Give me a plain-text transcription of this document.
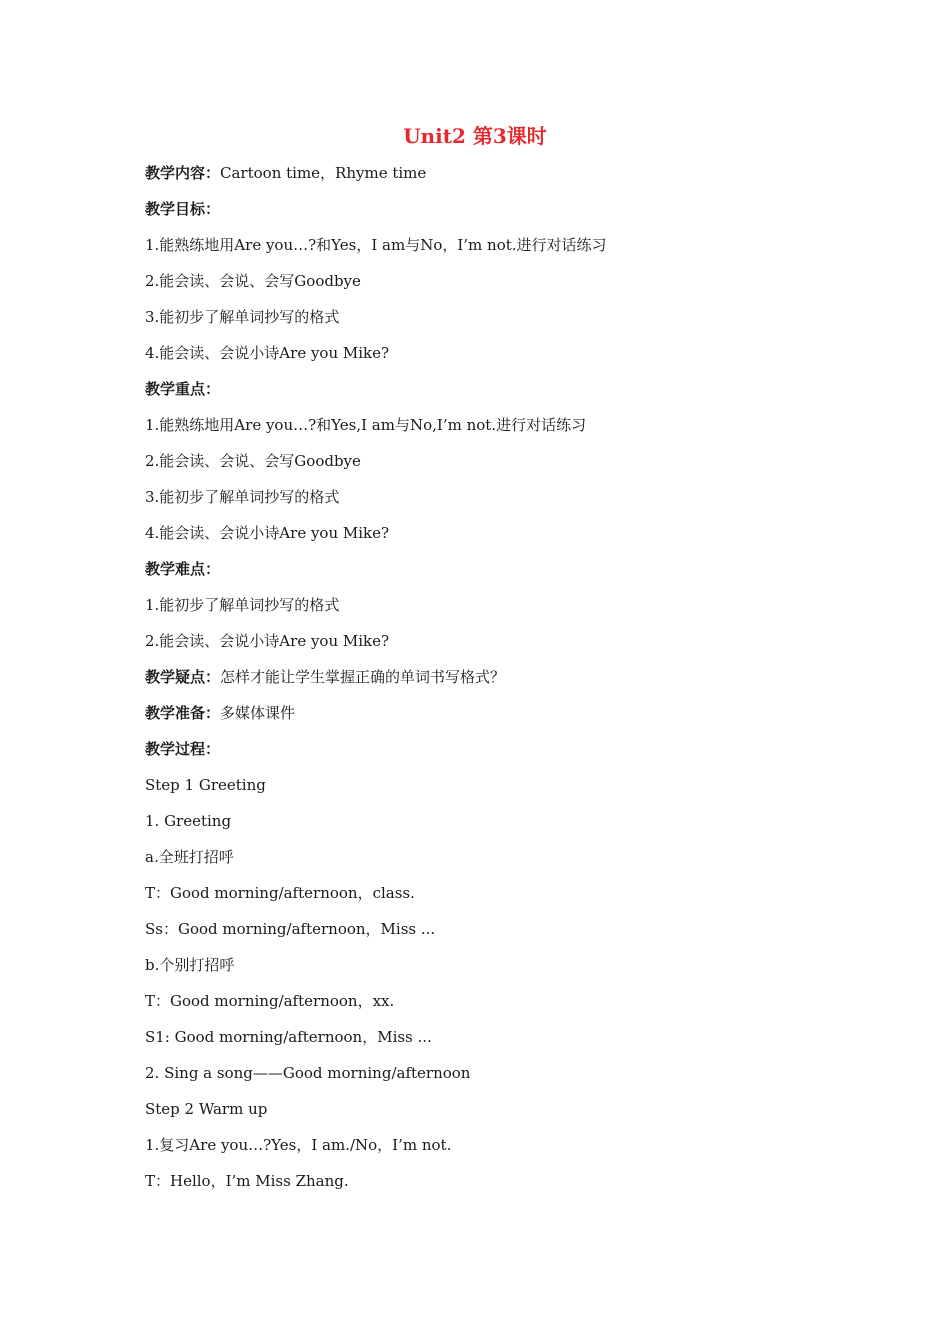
Unit2 第3课时
教学内容：Cartoon time，Rhyme time
教学目标：
1.能熟练地用Are you…?和Yes，I am与No，I’m not.进行对话练习
2.能会读、会说、会写Goodbye
3.能初步了解单词抄写的格式
4.能会读、会说小诗Are you Mike?
教学重点：
1.能熟练地用Are you…?和Yes,I am与No,I’m not.进行对话练习
2.能会读、会说、会写Goodbye
3.能初步了解单词抄写的格式
4.能会读、会说小诗Are you Mike?
教学难点：
1.能初步了解单词抄写的格式
2.能会读、会说小诗Are you Mike?
教学疑点：怎样才能让学生掌握正确的单词书写格式？
教学准备：多媒体课件
教学过程：
Step 1 Greeting
1. Greeting
a.全班打招呼
T：Good morning/afternoon，class.
Ss：Good morning/afternoon，Miss ...
b.个别打招呼
T：Good morning/afternoon，xx.
S1: Good morning/afternoon，Miss ...
2. Sing a song——Good morning/afternoon
Step 2 Warm up
1.复习Are you…?Yes，I am./No，I’m not.
T：Hello，I’m Miss Zhang.
